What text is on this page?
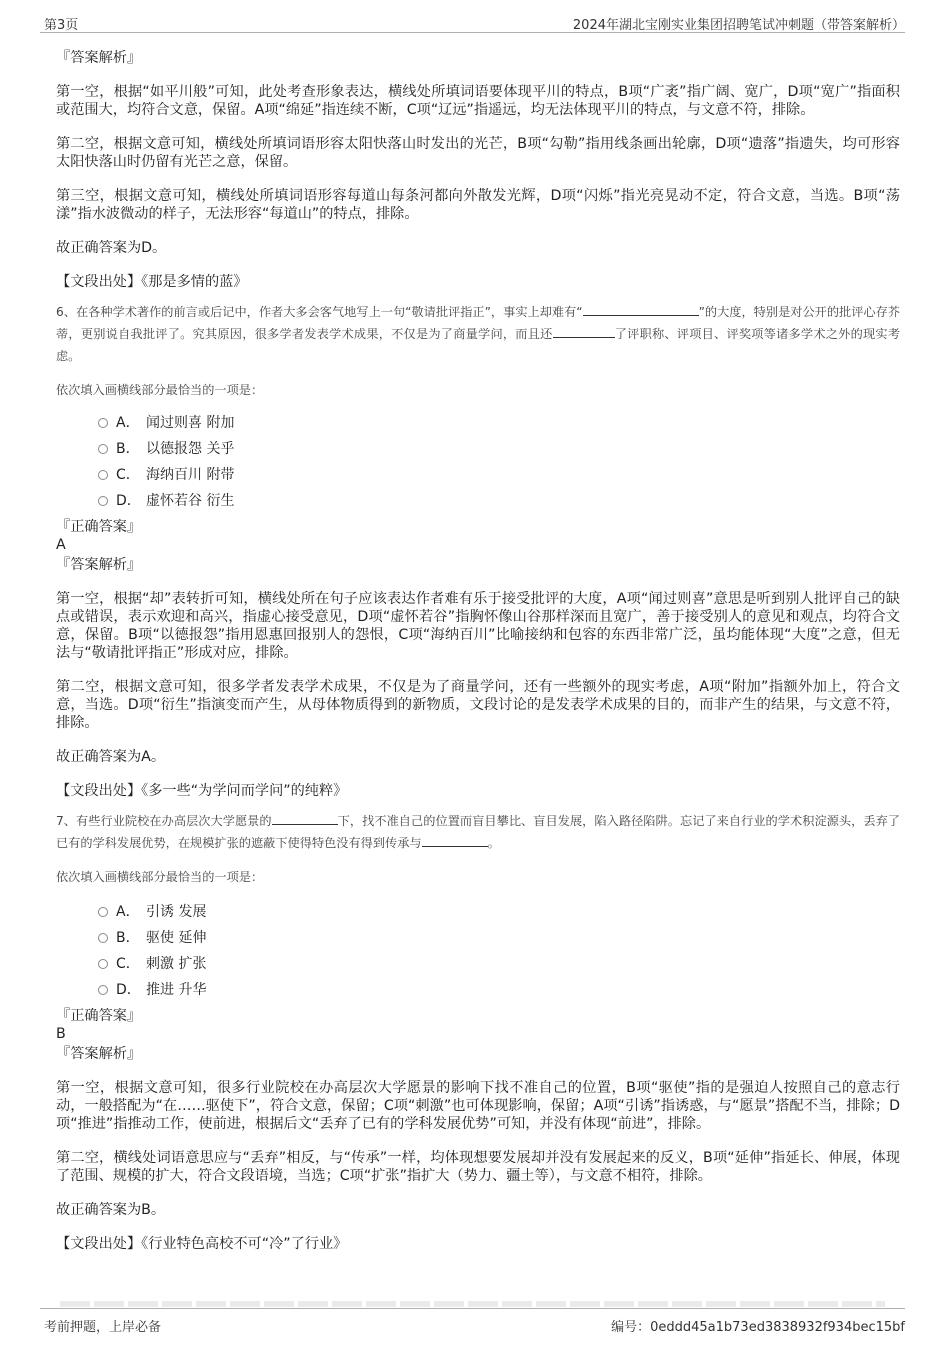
第3页	2024年湖北宝刚实业集团招聘笔试冲刺题（带答案解析）

『答案解析』

第一空，根据“如平川般”可知，此处考查形象表达，横线处所填词语要体现平川的特点，B项“广袤”指广阔、宽广，D项“宽广”指面积或范围大，均符合文意，保留。A项“绵延”指连续不断，C项“辽远”指遥远，均无法体现平川的特点，与文意不符，排除。

第二空，根据文意可知，横线处所填词语形容太阳快落山时发出的光芒，B项“勾勒”指用线条画出轮廓，D项“遗落”指遗失，均可形容太阳快落山时仍留有光芒之意，保留。

第三空，根据文意可知，横线处所填词语形容每道山每条河都向外散发光辉，D项“闪烁”指光亮晃动不定，符合文意，当选。B项“荡漾”指水波微动的样子，无法形容“每道山”的特点，排除。

故正确答案为D。

【文段出处】《那是多情的蓝》

6、在各种学术著作的前言或后记中，作者大多会客气地写上一句“敬请批评指正”，事实上却难有“	”的大度，特别是对公开的批评心存芥蒂，更别说自我批评了。究其原因，很多学者发表学术成果，不仅是为了商量学问，而且还	了评职称、评项目、评奖项等诸多学术之外的现实考虑。

依次填入画横线部分最恰当的一项是：

A． 闻过则喜 附加
B． 以德报怨 关乎
C． 海纳百川 附带
D． 虚怀若谷 衍生

『正确答案』

A

『答案解析』

第一空，根据“却”表转折可知，横线处所在句子应该表达作者难有乐于接受批评的大度，A项“闻过则喜”意思是听到别人批评自己的缺点或错误，表示欢迎和高兴，指虚心接受意见，D项“虚怀若谷”指胸怀像山谷那样深而且宽广，善于接受别人的意见和观点，均符合文意，保留。B项“以德报怨”指用恩惠回报别人的怨恨，C项“海纳百川”比喻接纳和包容的东西非常广泛，虽均能体现“大度”之意，但无法与“敬请批评指正”形成对应，排除。

第二空，根据文意可知，很多学者发表学术成果，不仅是为了商量学问，还有一些额外的现实考虑，A项“附加”指额外加上，符合文意，当选。D项“衍生”指演变而产生，从母体物质得到的新物质，文段讨论的是发表学术成果的目的，而非产生的结果，与文意不符，排除。

故正确答案为A。

【文段出处】《多一些“为学问而学问”的纯粹》

7、有些行业院校在办高层次大学愿景的	下，找不准自己的位置而盲目攀比、盲目发展，陷入路径陷阱。忘记了来自行业的学术积淀源头，丢弃了已有的学科发展优势，在规模扩张的遮蔽下使得特色没有得到传承与	。

依次填入画横线部分最恰当的一项是：

A． 引诱 发展
B． 驱使 延伸
C． 刺激 扩张
D． 推进 升华

『正确答案』

B

『答案解析』

第一空，根据文意可知，很多行业院校在办高层次大学愿景的影响下找不准自己的位置，B项“驱使”指的是强迫人按照自己的意志行动，一般搭配为“在……驱使下”，符合文意，保留；C项“刺激”也可体现影响，保留；A项“引诱”指诱惑，与“愿景”搭配不当，排除；D项“推进”指推动工作，使前进，根据后文“丢弃了已有的学科发展优势”可知，并没有体现“前进”，排除。

第二空，横线处词语意思应与“丢弃”相反，与“传承”一样，均体现想要发展却并没有发展起来的反义，B项“延伸”指延长、伸展，体现了范围、规模的扩大，符合文段语境，当选；C项“扩张”指扩大（势力、疆土等），与文意不相符，排除。

故正确答案为B。

【文段出处】《行业特色高校不可“冷”了行业》

考前押题，上岸必备	编号：0eddd45a1b73ed3838932f934bec15bf
